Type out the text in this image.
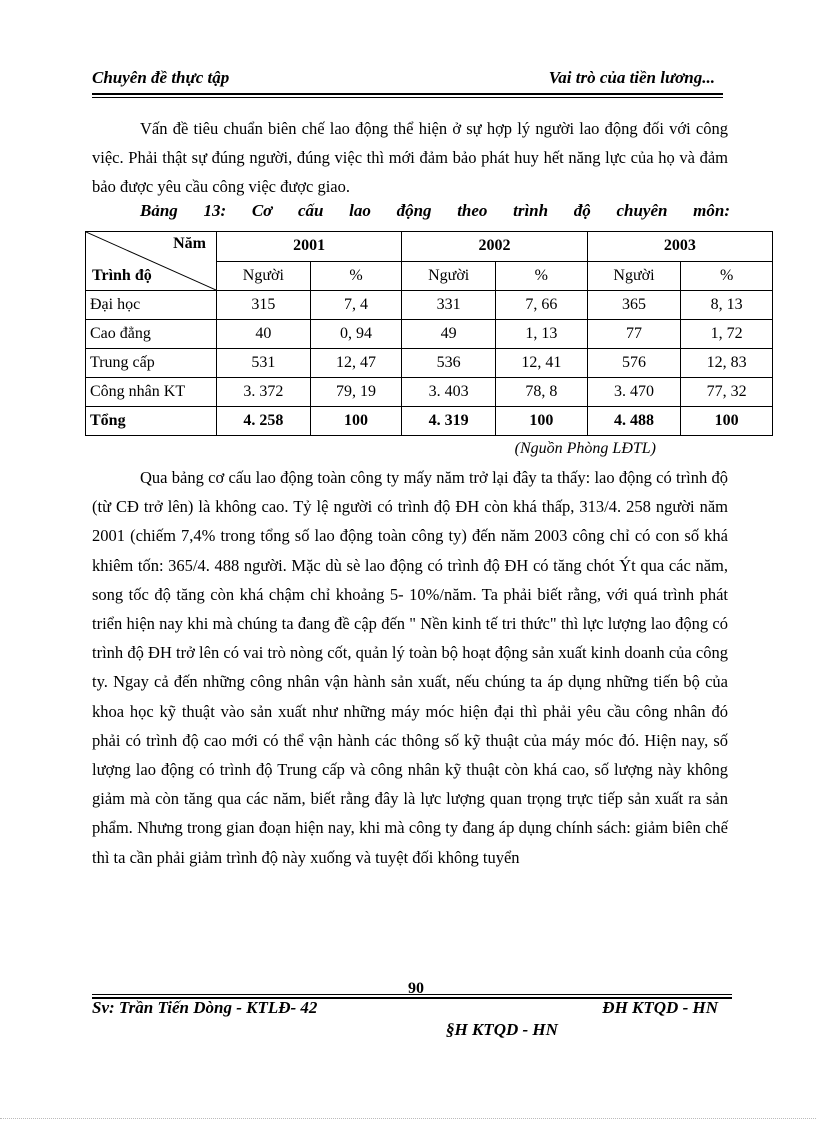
Chuyên đề thực tập	Vai trò của tiền lương...

Vấn đề tiêu chuẩn biên chế lao động thể hiện ở sự hợp lý người lao động đối với công việc. Phải thật sự đúng người, đúng việc thì mới đảm bảo phát huy hết năng lực của họ và đảm bảo được yêu cầu công việc được giao.

Bảng 13: Cơ cấu lao động theo trình độ chuyên môn:
Năm
Trình độ	2001		2002		2003	
	Người	%	Người	%	Người	%
Đại học	315	7, 4	331	7, 66	365	8, 13
Cao đẳng	40	0, 94	49	1, 13	77	1, 72
Trung cấp	531	12, 47	536	12, 41	576	12, 83
Công nhân KT	3. 372	79, 19	3. 403	78, 8	3. 470	77, 32
Tổng	4. 258	100	4. 319	100	4. 488	100
(Nguồn Phòng LĐTL)

Qua bảng cơ cấu lao động toàn công ty mấy năm trở lại đây ta thấy: lao động có trình độ (từ CĐ trở lên) là không cao. Tỷ lệ người có trình độ ĐH còn khá thấp, 313/4. 258 người năm 2001 (chiếm 7,4% trong tổng số lao động toàn công ty) đến năm 2003 công chỉ có con số khá khiêm tốn: 365/4. 488 người. Mặc dù sè lao động có trình độ ĐH có tăng chót Ýt qua các năm, song tốc độ tăng còn khá chậm chỉ khoảng 5- 10%/năm. Ta phải biết rằng, với quá trình phát triển hiện nay khi mà chúng ta đang đề cập đến " Nền kinh tế tri thức" thì lực lượng lao động có trình độ ĐH trở lên có vai trò nòng cốt, quản lý toàn bộ hoạt động sản xuất kinh doanh của công ty. Ngay cả đến những công nhân vận hành sản xuất, nếu chúng ta áp dụng những tiến bộ của khoa học kỹ thuật vào sản xuất như những máy móc hiện đại thì phải yêu cầu công nhân đó phải có trình độ cao mới có thể vận hành các thông số kỹ thuật của máy móc đó. Hiện nay, số lượng lao động có trình độ Trung cấp và công nhân kỹ thuật còn khá cao, số lượng này không giảm mà còn tăng qua các năm, biết rằng đây là lực lượng quan trọng trực tiếp sản xuất ra sản phẩm. Nhưng trong gian đoạn hiện nay, khi mà công ty đang áp dụng chính sách: giảm biên chế thì ta cần phải giảm trình độ này xuống và tuyệt đối không tuyển

90
Sv: Trần Tiến Dòng - KTLĐ- 42	ĐH KTQD - HN
§H KTQD - HN
